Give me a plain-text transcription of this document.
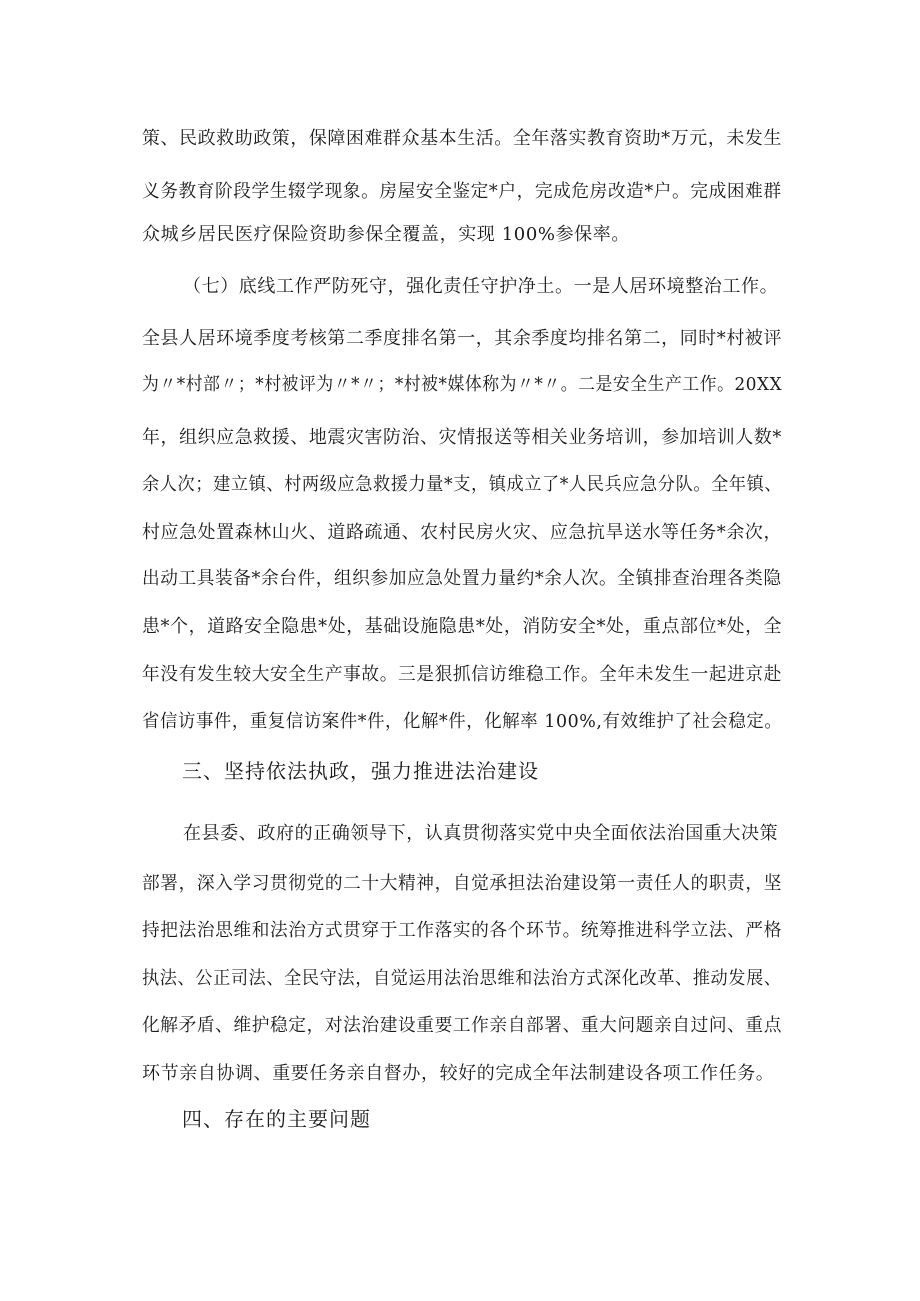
策、民政救助政策，保障困难群众基本生活。全年落实教育资助*万元，未发生
义务教育阶段学生辍学现象。房屋安全鉴定*户，完成危房改造*户。完成困难群
众城乡居民医疗保险资助参保全覆盖，实现 100%参保率。
（七）底线工作严防死守，强化责任守护净土。一是人居环境整治工作。
全县人居环境季度考核第二季度排名第一，其余季度均排名第二，同时*村被评
为〃*村部〃；*村被评为〃*〃；*村被*媒体称为〃*〃。二是安全生产工作。20XX
年，组织应急救援、地震灾害防治、灾情报送等相关业务培训，参加培训人数*
余人次；建立镇、村两级应急救援力量*支，镇成立了*人民兵应急分队。全年镇、
村应急处置森林山火、道路疏通、农村民房火灾、应急抗旱送水等任务*余次，
出动工具装备*余台件，组织参加应急处置力量约*余人次。全镇排查治理各类隐
患*个，道路安全隐患*处，基础设施隐患*处，消防安全*处，重点部位*处，全
年没有发生较大安全生产事故。三是狠抓信访维稳工作。全年未发生一起进京赴
省信访事件，重复信访案件*件，化解*件，化解率 100%,有效维护了社会稳定。
三、坚持依法执政，强力推进法治建设
在县委、政府的正确领导下，认真贯彻落实党中央全面依法治国重大决策
部署，深入学习贯彻党的二十大精神，自觉承担法治建设第一责任人的职责，坚
持把法治思维和法治方式贯穿于工作落实的各个环节。统筹推进科学立法、严格
执法、公正司法、全民守法，自觉运用法治思维和法治方式深化改革、推动发展、
化解矛盾、维护稳定，对法治建设重要工作亲自部署、重大问题亲自过问、重点
环节亲自协调、重要任务亲自督办，较好的完成全年法制建设各项工作任务。
四、存在的主要问题
